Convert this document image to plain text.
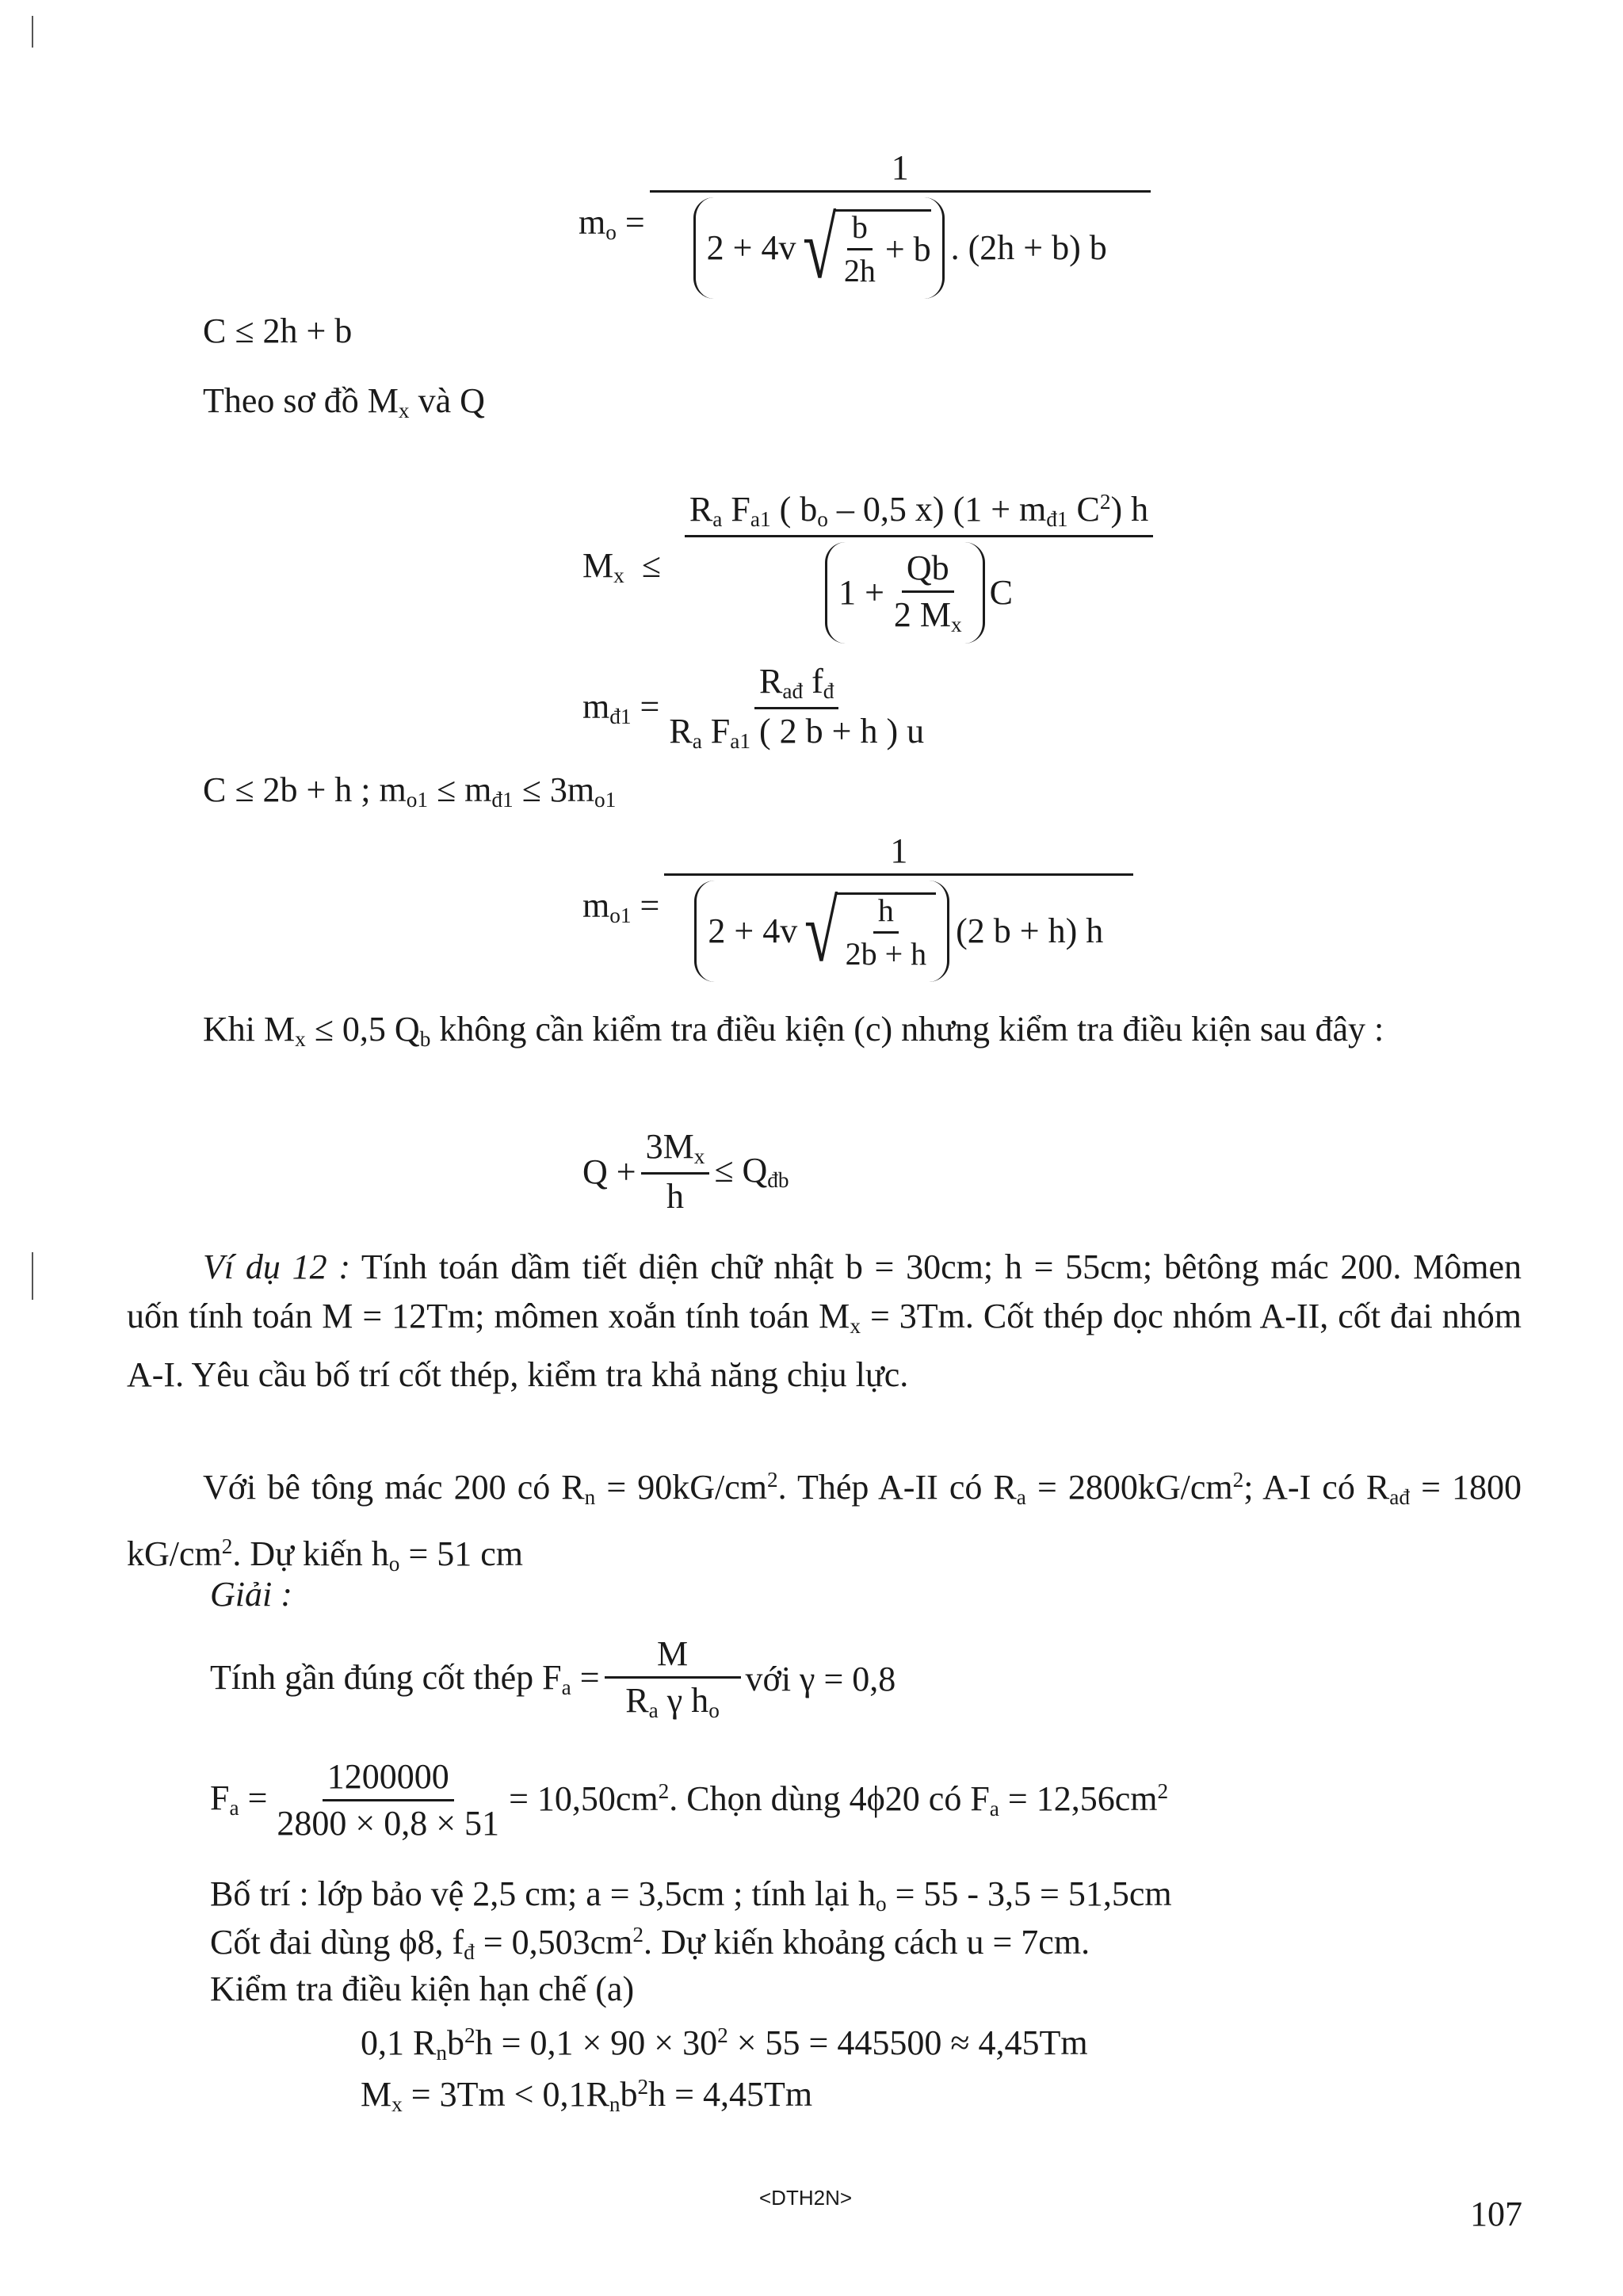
$m_o$ =
1
2 + 4v √ $\frac{b}{2h} + b$ . (2h + b) b
C ≤ 2h + b
Theo sơ đồ $M_x$ và Q
$M_x \le \frac{R_a F_{a1} ( b_o - 0,5 x) (1 + m_{đ1} C^2) h}{1 + \frac{Qb}{2 M_x} C}$
$m_{đ1} = \frac{R_{ađ} f_đ}{R_a F_{a1} ( 2 b + h ) u}$
C ≤ 2b + h ; $m_{o1} \le m_{đ1} \le 3m_{o1}$
$m_{o1}$ =
1
2 + 4v √ $\frac{h}{2b + h} (2$ b + h) h
Khi $M_x \le 0,5$ $Q_b$ không cần kiểm tra điều kiện (c) nhưng kiểm tra điều kiện sau đây :
$Q + \frac{3M_x}{h} \le Q_{đb}$
Ví dụ 12 : Tính toán dầm tiết diện chữ nhật b = 30cm; h = 55cm; bêtông mác 200. Mômen uốn tính toán M = 12Tm; mômen xoắn tính toán $M_x = 3Tm$. Cốt thép dọc nhóm A-II, cốt đai nhóm A-I. Yêu cầu bố trí cốt thép, kiểm tra khả năng chịu lực.
Với bê tông mác 200 có $R_n = 90kG/cm^2$. Thép A-II có $R_a = 2800kG/cm^2$; A-I có $R_{ađ} = 1800$ $kG/cm^2$. Dự kiến $h_o = 51$ cm
Giải :
Tính gần đúng cốt thép $F_a = \frac{M}{R_a \gamma h_o}$ với γ = 0,8
$F_a = \frac{1200000}{2800 \times 0,8 \times 51} = 10,50cm^2$. Chọn dùng 4ϕ20 có $F_a = 12,56cm^2$
Bố trí : lớp bảo vệ 2,5 cm; a = 3,5cm ; tính lại $h_o = 55 - 3,5 = 51,5cm$
Cốt đai dùng ϕ8, $f_đ = 0,503cm^2$. Dự kiến khoảng cách u = 7cm.
Kiểm tra điều kiện hạn chế (a)
0,1 $R_nb^2h = 0,1 \times 90 \times 30^2 \times 55 = 445500 \approx 4,45Tm$
$M_x = 3Tm < 0,1R_nb^2h = 4,45Tm$
<DTH2N>	107
